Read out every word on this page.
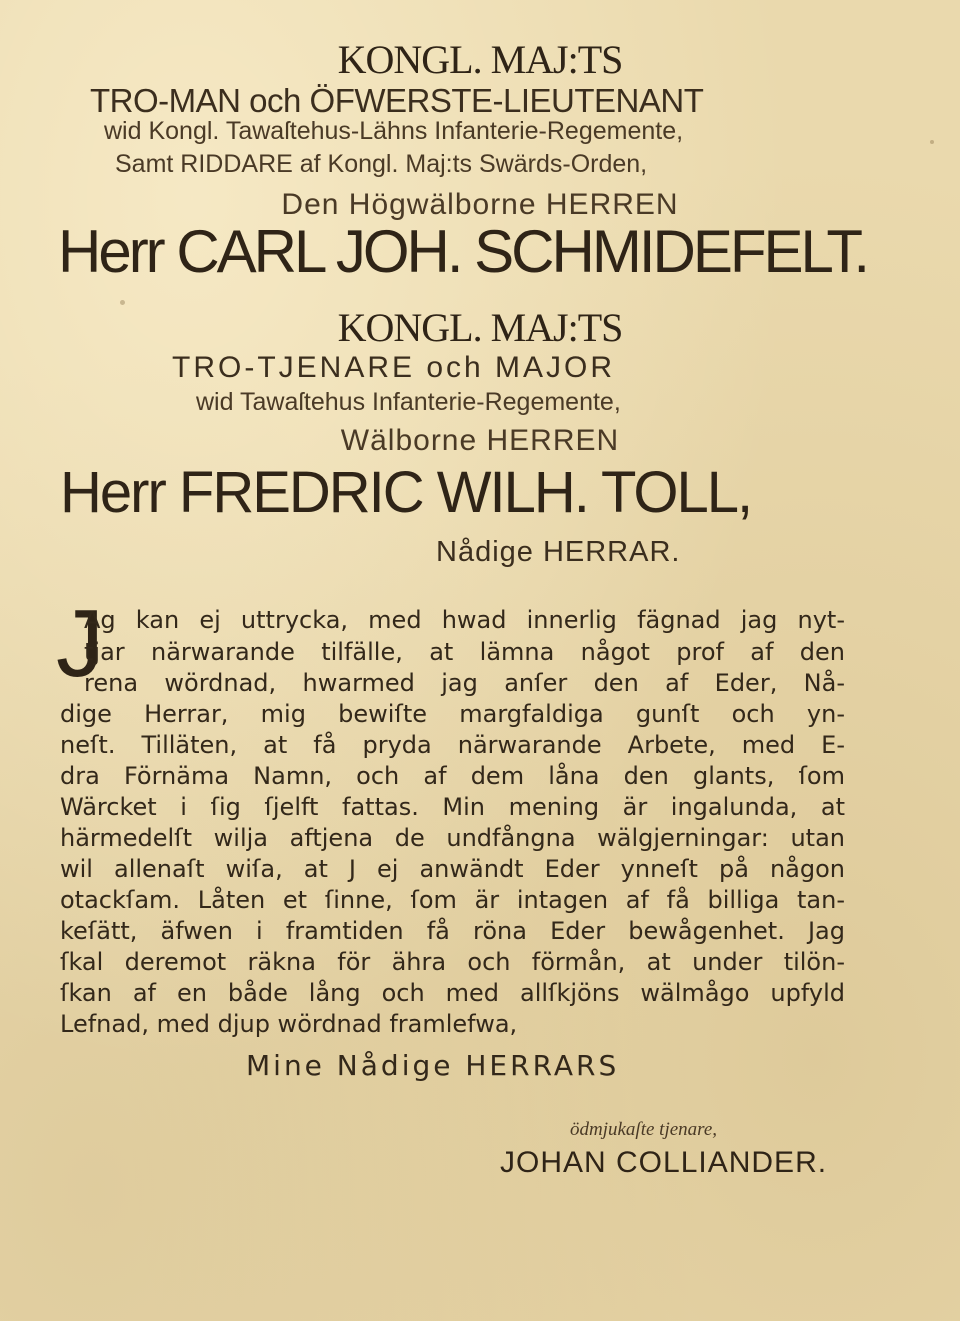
KONGL. MAJ:TS
TRO-MAN och ÖFWERSTE-LIEUTENANT
wid Kongl. Tawaſtehus-Lähns Infanterie-Regemente,
Samt RIDDARE af Kongl. Maj:ts Swärds-Orden,
Den Högwälborne HERREN
Herr CARL JOH. SCHMIDEFELT.
KONGL. MAJ:TS
TRO-TJENARE och MAJOR
wid Tawaſtehus Infanterie-Regemente,
Wälborne HERREN
Herr FREDRIC WILH. TOLL,
Nådige HERRAR.
J
Ag kan ej uttrycka, med hwad innerlig fägnad jag nyt-
tjar närwarande tilfälle, at lämna något prof af den
rena wördnad, hwarmed jag anſer den af Eder, Nå-
dige Herrar, mig bewiſte margfaldiga gunſt och yn-
neſt. Tilläten, at få pryda närwarande Arbete, med E-
dra Förnäma Namn, och af dem låna den glants, ſom
Wärcket i ſig ſjelft fattas. Min mening är ingalunda, at
härmedelſt wilja aftjena de undfångna wälgjerningar: utan
wil allenaſt wiſa, at J ej anwändt Eder ynneſt på någon
otackſam. Låten et ſinne, ſom är intagen af få billiga tan-
keſätt, äfwen i framtiden få röna Eder bewågenhet. Jag
ſkal deremot räkna för ähra och förmån, at under tilön-
ſkan af en både lång och med allſkjöns wälmågo upfyld
Lefnad, med djup wördnad framlefwa,
Mine Nådige HERRARS
ödmjukaſte tjenare,
JOHAN COLLIANDER.
